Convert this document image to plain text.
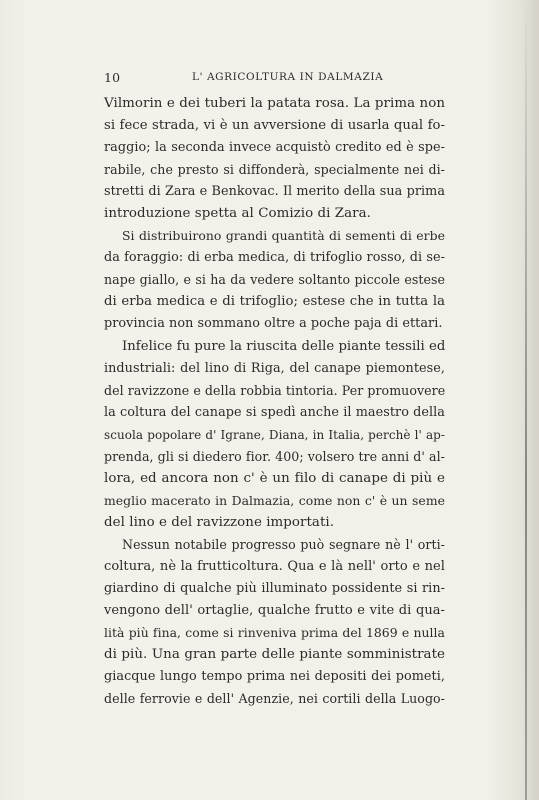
10	L' AGRICOLTURA IN DALMAZIA
Vilmorin e dei tuberi la patata rosa. La prima non
si fece strada, vi è un avversione di usarla qual fo-
raggio; la seconda invece acquistò credito ed è spe-
rabile, che presto si diffonderà, specialmente nei di-
stretti di Zara e Benkovac. Il merito della sua prima
introduzione spetta al Comizio di Zara.
Si distribuirono grandi quantità di sementi di erbe
da foraggio: di erba medica, di trifoglio rosso, di se-
nape giallo, e si ha da vedere soltanto piccole estese
di erba medica e di trifoglio; estese che in tutta la
provincia non sommano oltre a poche paja di ettari.
Infelice fu pure la riuscita delle piante tessili ed
industriali: del lino di Riga, del canape piemontese,
del ravizzone e della robbia tintoria. Per promuovere
la coltura del canape si spedì anche il maestro della
scuola popolare d' Igrane, Diana, in Italia, perchè l' ap-
prenda, gli si diedero fior. 400; volsero tre anni d' al-
lora, ed ancora non c' è un filo di canape di più e
meglio macerato in Dalmazia, come non c' è un seme
del lino e del ravizzone importati.
Nessun notabile progresso può segnare nè l' orti-
coltura, nè la frutticoltura. Qua e là nell' orto e nel
giardino di qualche più illuminato possidente si rin-
vengono dell' ortaglie, qualche frutto e vite di qua-
lità più fina, come si rinveniva prima del 1869 e nulla
di più. Una gran parte delle piante somministrate
giacque lungo tempo prima nei depositi dei pometi,
delle ferrovie e dell' Agenzie, nei cortili della Luogo-
